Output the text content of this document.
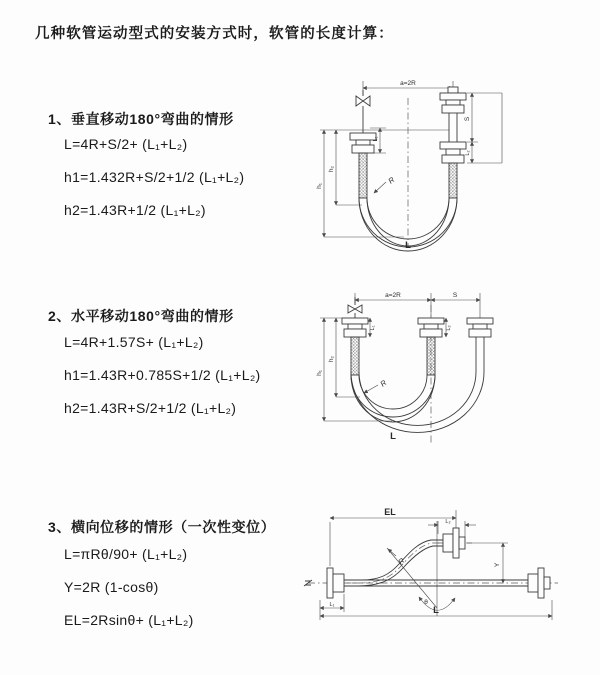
几种软管运动型式的安装方式时，软管的长度计算：
1、垂直移动180°弯曲的情形
L=4R+S/2+ (L₁+L₂)
h1=1.432R+S/2+1/2 (L₁+L₂)
h2=1.43R+1/2 (L₁+L₂)
2、水平移动180°弯曲的情形
L=4R+1.57S+ (L₁+L₂)
h1=1.43R+0.785S+1/2 (L₁+L₂)
h2=1.43R+S/2+1/2 (L₁+L₂)
3、横向位移的情形（一次性变位）
L=πRθ/90+ (L₁+L₂)
Y=2R (1-cosθ)
EL=2Rsinθ+ (L₁+L₂)
a=2R
S
L₂
L₁
h₁
h₂
R
L
a=2R	S
L₁	L₂
h₁
h₂
R
L
EL
L₂
Y
θ
R
L
L₁
